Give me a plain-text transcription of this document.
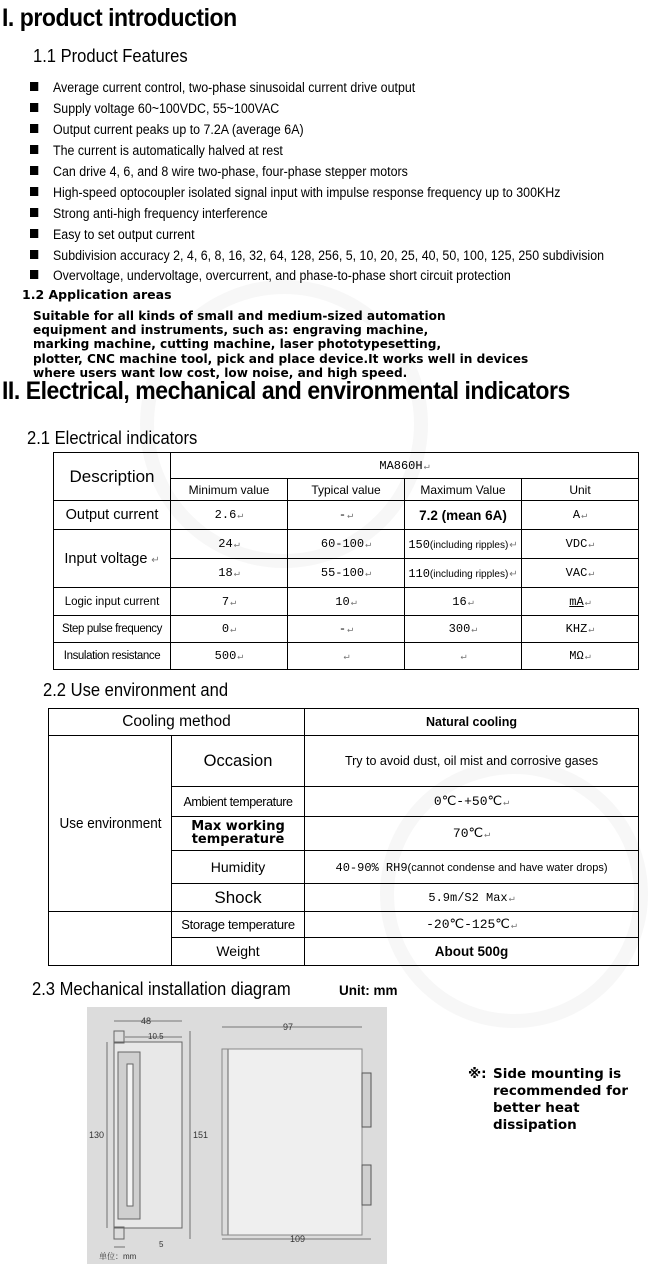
I. product introduction
1.1 Product Features
Average current control, two-phase sinusoidal current drive output
Supply voltage 60~100VDC, 55~100VAC
Output current peaks up to 7.2A (average 6A)
The current is automatically halved at rest
Can drive 4, 6, and 8 wire two-phase, four-phase stepper motors
High-speed optocoupler isolated signal input with impulse response frequency up to 300KHz
Strong anti-high frequency interference
Easy to set output current
Subdivision accuracy 2, 4, 6, 8, 16, 32, 64, 128, 256, 5, 10, 20, 25, 40, 50, 100, 125, 250 subdivision
Overvoltage, undervoltage, overcurrent, and phase-to-phase short circuit protection
1.2 Application areas
Suitable for all kinds of small and medium-sized automation
equipment and instruments, such as: engraving machine,
marking machine, cutting machine, laser phototypesetting,
plotter, CNC machine tool, pick and place device.It works well in devices
where users want low cost, low noise, and high speed.
II. Electrical, mechanical and environmental indicators
2.1 Electrical indicators
Description	MA860H↵			
	Minimum value	Typical value	Maximum Value	Unit
Output current	2.6↵	-↵	7.2 (mean 6A)	A↵
Input voltage ↵	24↵	60-100↵	150(including ripples)↵	VDC↵
	18↵	55-100↵	110(including ripples)↵	VAC↵
Logic input current	7↵	10↵	16↵	mA↵
Step pulse frequency	0↵	-↵	300↵	KHZ↵
Insulation resistance	500↵	↵	↵	MΩ↵
2.2 Use environment and
Cooling method		Natural cooling
Use environment	Occasion	Try to avoid dust, oil mist and corrosive gases
	Ambient temperature	0℃-+50℃↵

	Max working
temperature	70℃↵
	Humidity	40-90% RH9(cannot condense and have water drops)
	Shock	5.9m/S2 Max↵
	Storage temperature	-20℃-125℃↵
	Weight	About 500g
2.3 Mechanical installation diagram	Unit: mm
48
10.5
130	151
5
97
109
单位：mm
※: Side mounting is
recommended for
better heat
dissipation
